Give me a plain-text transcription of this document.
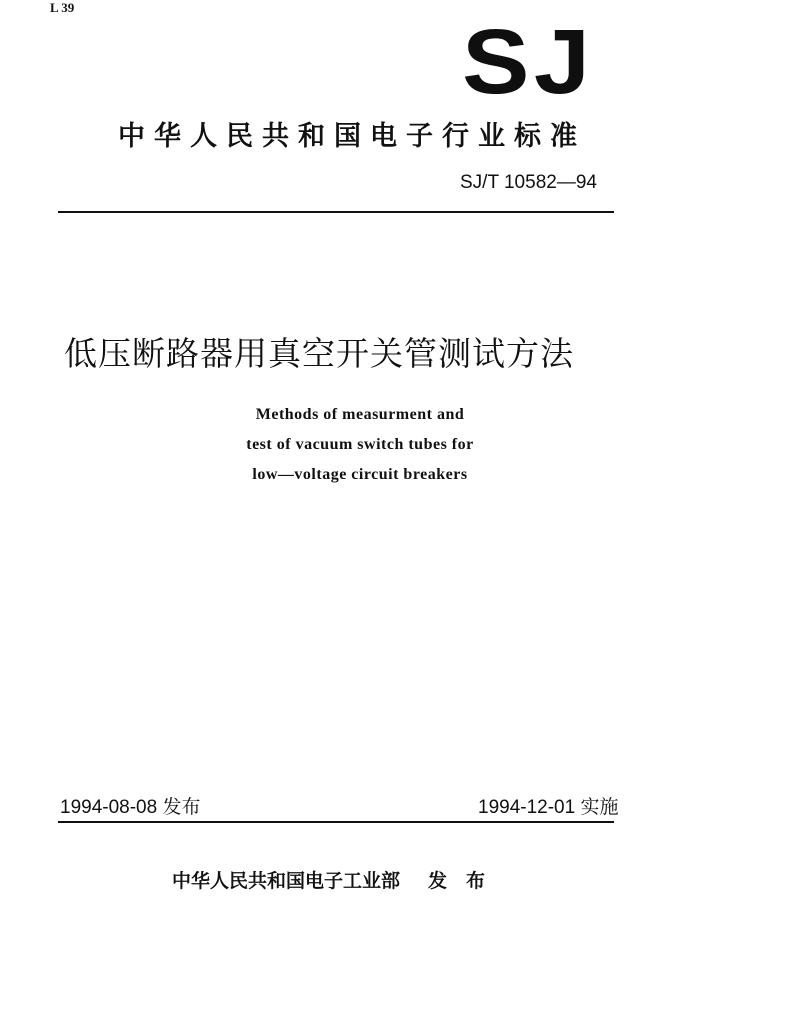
L 39
SJ
中华人民共和国电子行业标准
SJ/T 10582—94
低压断路器用真空开关管测试方法
Methods of measurment and
test of vacuum switch tubes for
low—voltage circuit breakers
1994-08-08 发布	1994-12-01 实施
中华人民共和国电子工业部 发　布
